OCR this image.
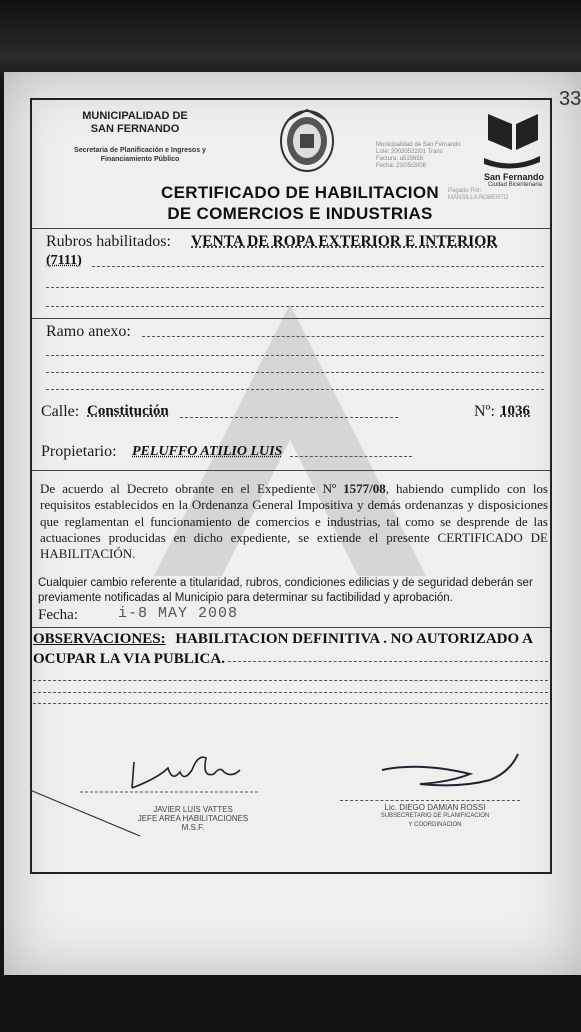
33
MUNICIPALIDAD DE
SAN FERNANDO
Secretaria de Planificación e Ingresos y
Financiamiento Público
Municipalidad de San Fernando
Lote: 20030522/01 Trans
Factura: a515658
Fecha: 23/05/2008
Pagado Por:
MANSILLA ROBERTO
San Fernando
Ciudad Bicentenaria
CERTIFICADO DE HABILITACION
DE COMERCIOS E INDUSTRIAS
Rubros habilitados: VENTA DE ROPA EXTERIOR E INTERIOR
(7111)
Ramo anexo:
Calle: Constitución	Nº: 1036
Propietario: PELUFFO ATILIO LUIS
De acuerdo al Decreto obrante en el Expediente Nº 1577/08, habiendo cumplido con los requisitos establecidos en la Ordenanza General Impositiva y demás ordenanzas y disposiciones que reglamentan el funcionamiento de comercios e industrias, tal como se desprende de las actuaciones producidas en dicho expediente, se extiende el presente CERTIFICADO DE HABILITACIÓN.
Cualquier cambio referente a titularidad, rubros, condiciones edilicias y de seguridad deberán ser previamente notificadas al Municipio para determinar su factibilidad y aprobación.
Fecha:	i-8 MAY 2008
OBSERVACIONES: HABILITACION DEFINITIVA . NO AUTORIZADO A OCUPAR LA VIA PUBLICA.
JAVIER LUIS VATTES
JEFE AREA HABILITACIONES
M.S.F.
Lic. DIEGO DAMIAN ROSSI
SUBSECRETARIO DE PLANIFICACION
Y COORDINACION
